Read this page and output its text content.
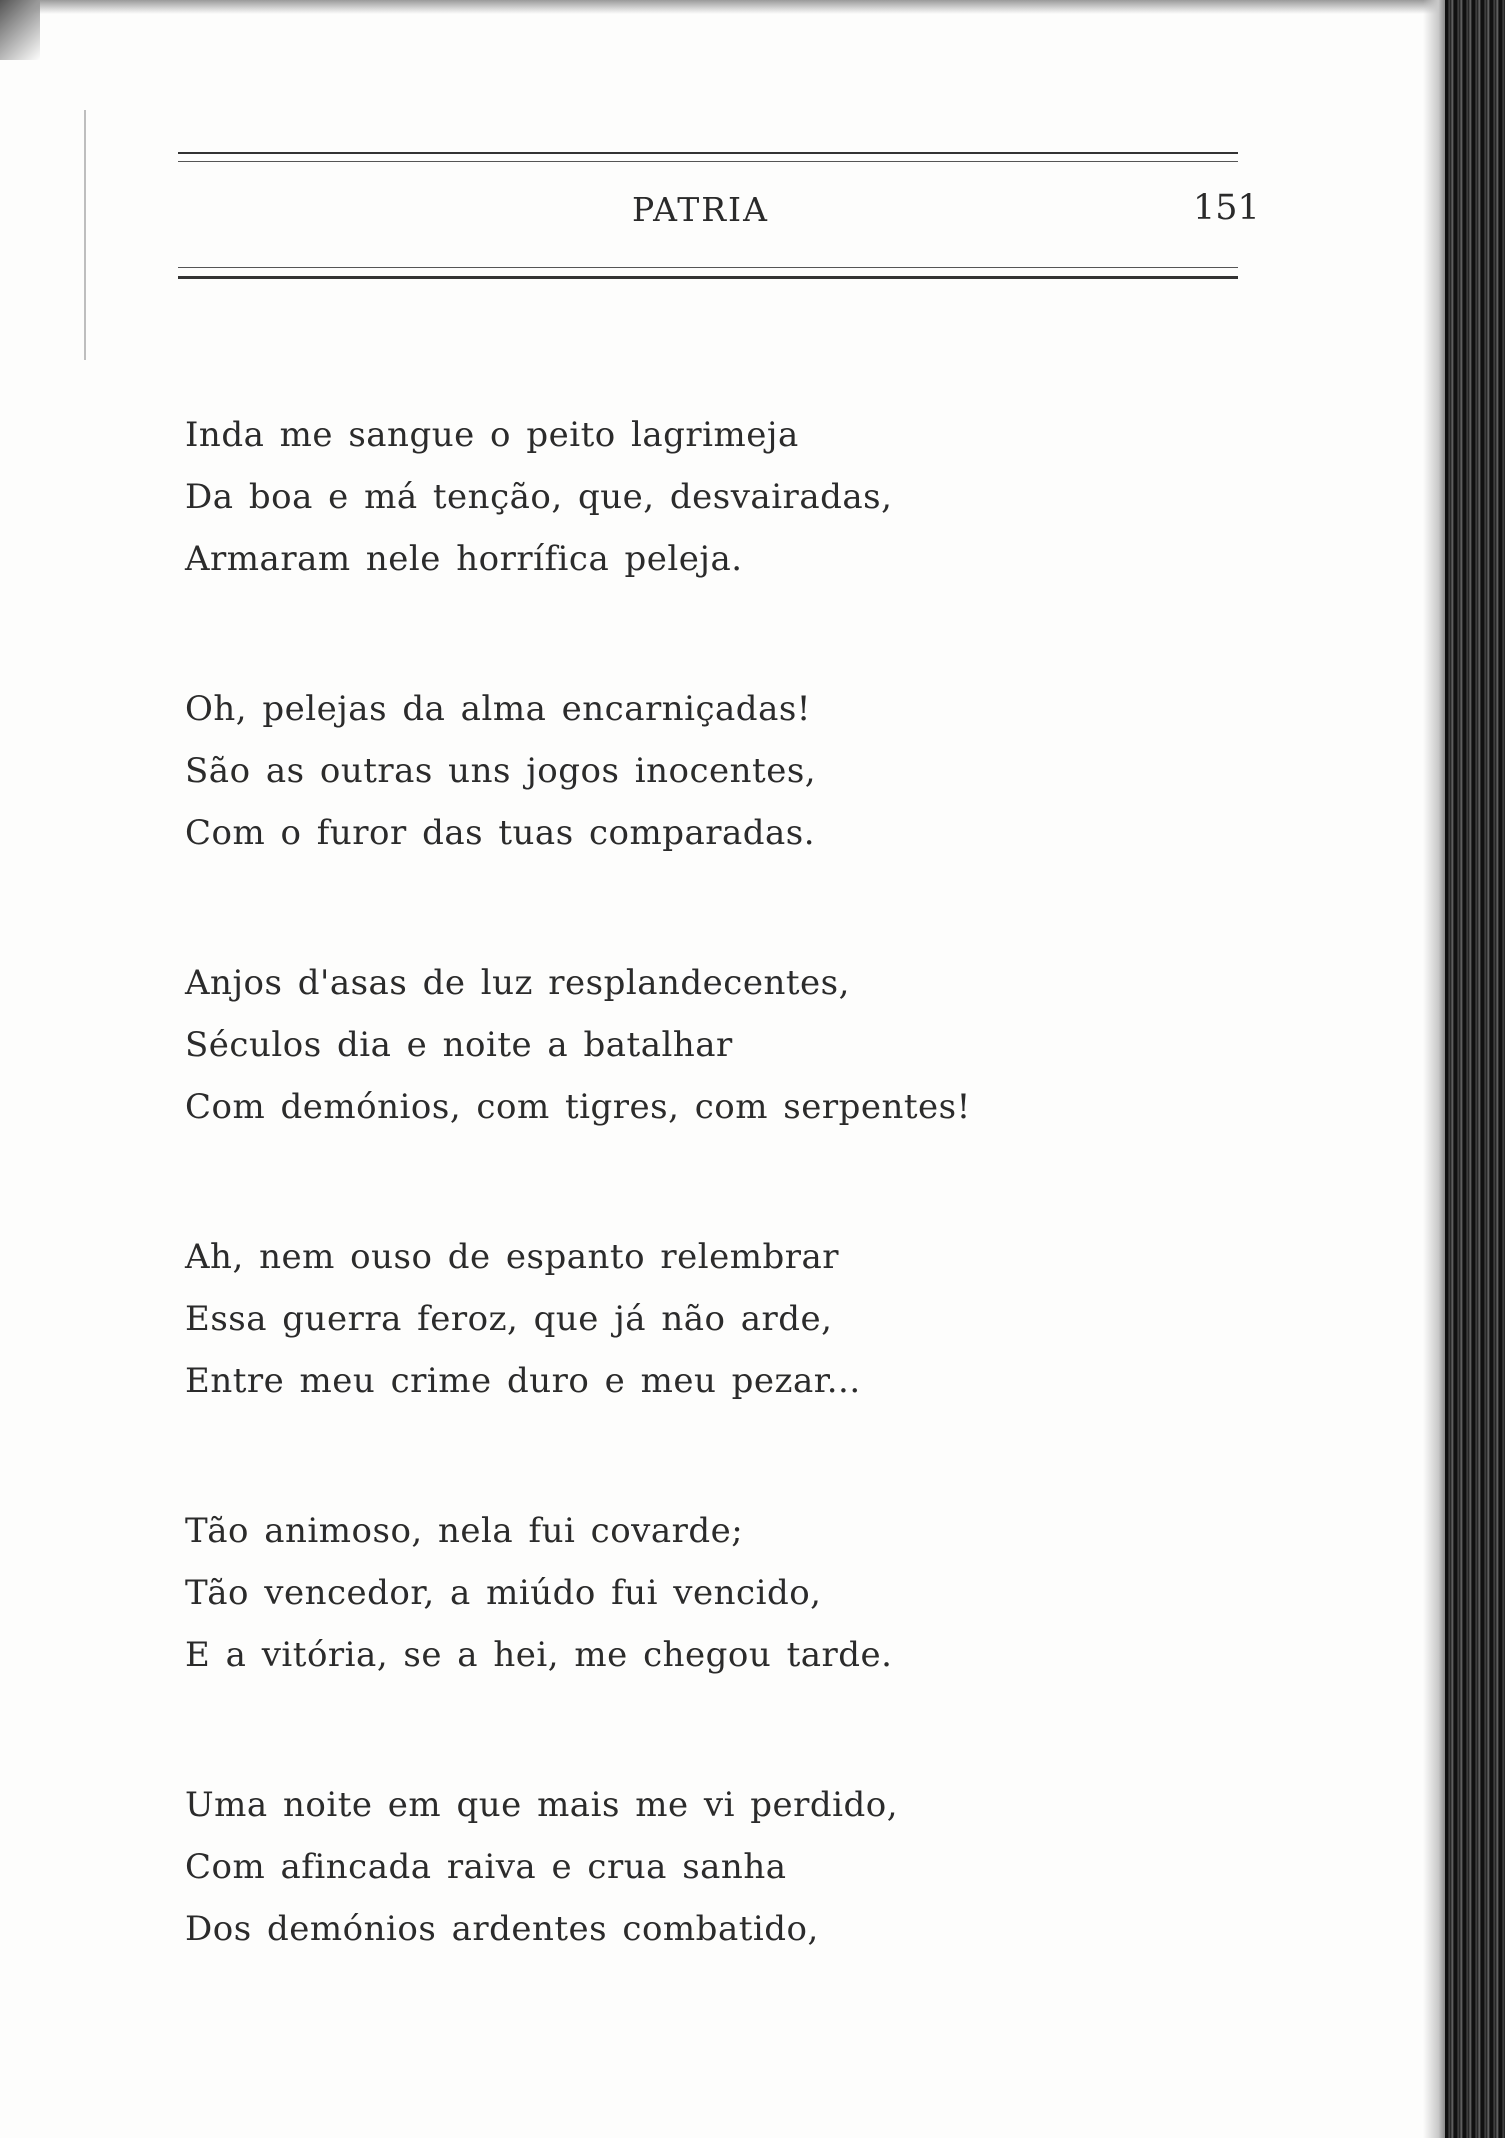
PATRIA	151
Inda me sangue o peito lagrimeja
Da boa e má tenção, que, desvairadas,
Armaram nele horrífica peleja.
Oh, pelejas da alma encarniçadas!
São as outras uns jogos inocentes,
Com o furor das tuas comparadas.
Anjos d'asas de luz resplandecentes,
Séculos dia e noite a batalhar
Com demónios, com tigres, com serpentes!
Ah, nem ouso de espanto relembrar
Essa guerra feroz, que já não arde,
Entre meu crime duro e meu pezar...
Tão animoso, nela fui covarde;
Tão vencedor, a miúdo fui vencido,
E a vitória, se a hei, me chegou tarde.
Uma noite em que mais me vi perdido,
Com afincada raiva e crua sanha
Dos demónios ardentes combatido,
